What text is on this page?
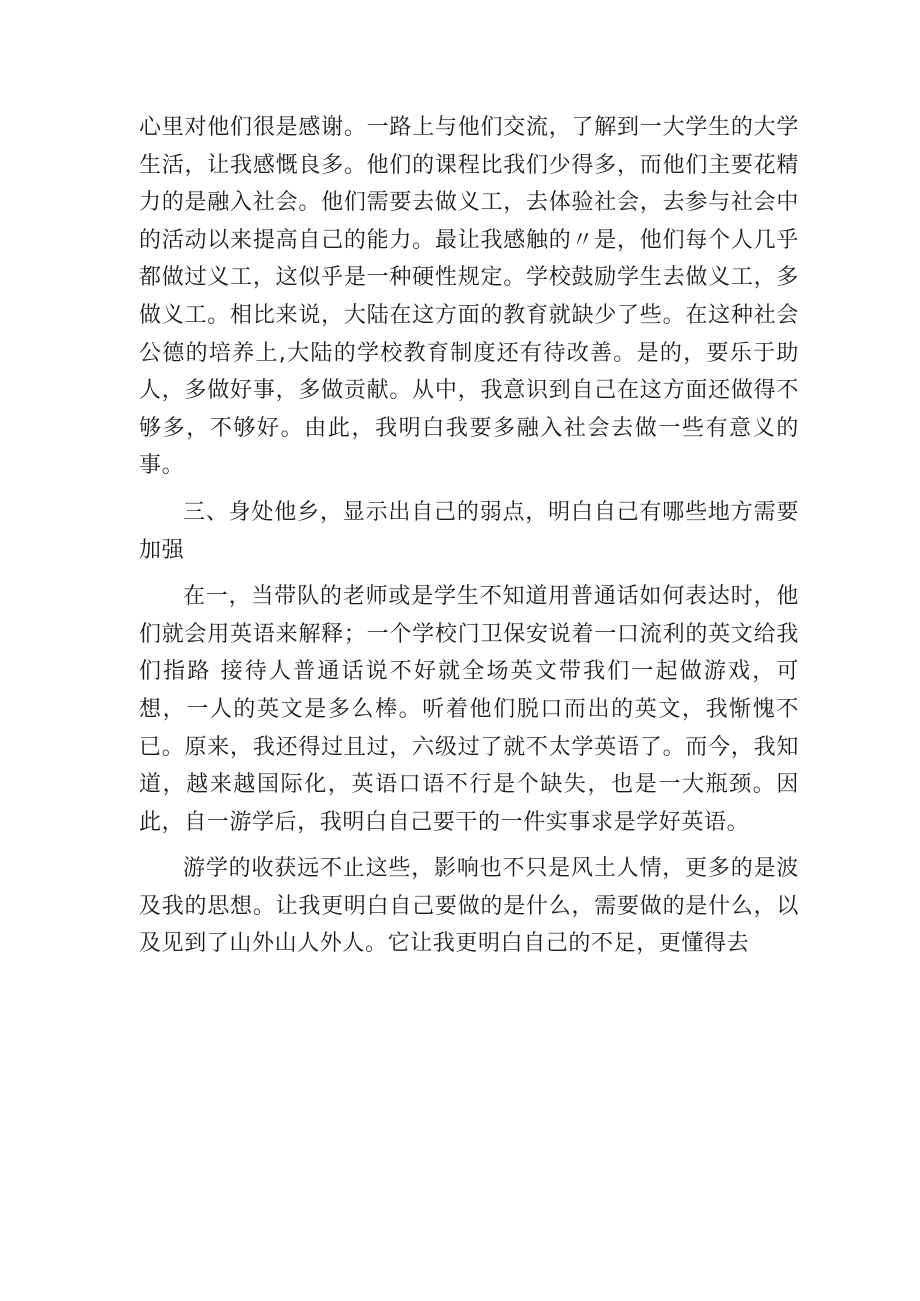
心里对他们很是感谢。一路上与他们交流，了解到一大学生的大学生活，让我感慨良多。他们的课程比我们少得多，而他们主要花精力的是融入社会。他们需要去做义工，去体验社会，去参与社会中的活动以来提高自己的能力。最让我感触的〃是，他们每个人几乎都做过义工，这似乎是一种硬性规定。学校鼓励学生去做义工，多做义工。相比来说，大陆在这方面的教育就缺少了些。在这种社会公德的培养上,大陆的学校教育制度还有待改善。是的，要乐于助人，多做好事，多做贡献。从中，我意识到自己在这方面还做得不够多，不够好。由此，我明白我要多融入社会去做一些有意义的事。

三、身处他乡，显示出自己的弱点，明白自己有哪些地方需要加强

在一，当带队的老师或是学生不知道用普通话如何表达时，他们就会用英语来解释；一个学校门卫保安说着一口流利的英文给我们指路 接待人普通话说不好就全场英文带我们一起做游戏，可想，一人的英文是多么棒。听着他们脱口而出的英文，我惭愧不已。原来，我还得过且过，六级过了就不太学英语了。而今，我知道，越来越国际化，英语口语不行是个缺失，也是一大瓶颈。因此，自一游学后，我明白自己要干的一件实事求是学好英语。

游学的收获远不止这些，影响也不只是风土人情，更多的是波及我的思想。让我更明白自己要做的是什么，需要做的是什么，以及见到了山外山人外人。它让我更明白自己的不足，更懂得去
